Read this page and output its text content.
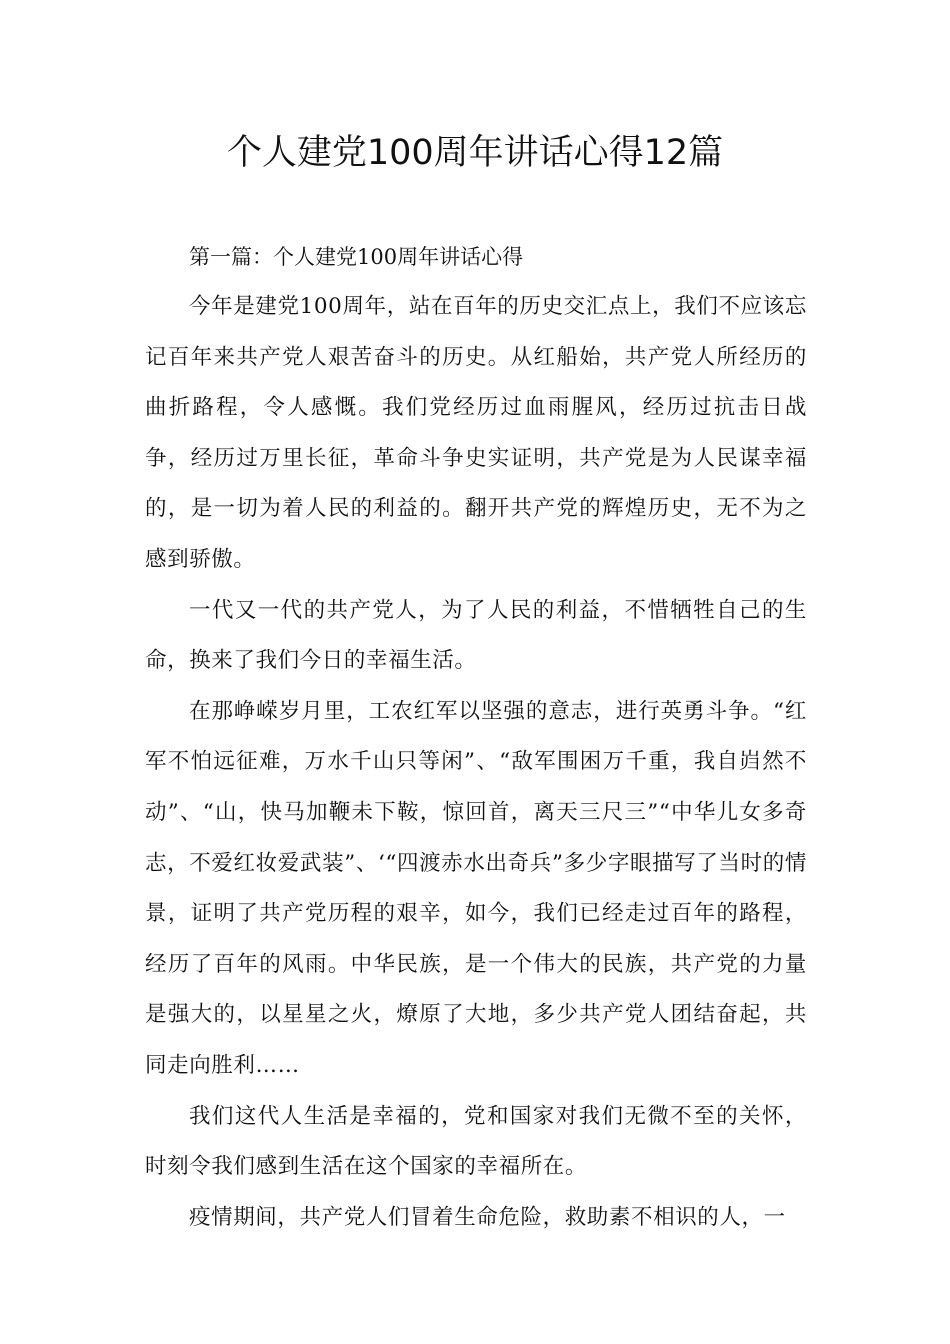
个人建党100周年讲话心得12篇

第一篇：个人建党100周年讲话心得

今年是建党100周年，站在百年的历史交汇点上，我们不应该忘记百年来共产党人艰苦奋斗的历史。从红船始，共产党人所经历的曲折路程，令人感慨。我们党经历过血雨腥风，经历过抗击日战争，经历过万里长征，革命斗争史实证明，共产党是为人民谋幸福的，是一切为着人民的利益的。翻开共产党的辉煌历史，无不为之感到骄傲。

一代又一代的共产党人，为了人民的利益，不惜牺牲自己的生命，换来了我们今日的幸福生活。

在那峥嵘岁月里，工农红军以坚强的意志，进行英勇斗争。“红军不怕远征难，万水千山只等闲”、“敌军围困万千重，我自岿然不动”、“山，快马加鞭未下鞍，惊回首，离天三尺三”“中华儿女多奇志，不爱红妆爱武装”、‘“四渡赤水出奇兵”多少字眼描写了当时的情景，证明了共产党历程的艰辛，如今，我们已经走过百年的路程，经历了百年的风雨。中华民族，是一个伟大的民族，共产党的力量是强大的，以星星之火，燎原了大地，多少共产党人团结奋起，共同走向胜利……

我们这代人生活是幸福的，党和国家对我们无微不至的关怀，时刻令我们感到生活在这个国家的幸福所在。

疫情期间，共产党人们冒着生命危险，救助素不相识的人，一
